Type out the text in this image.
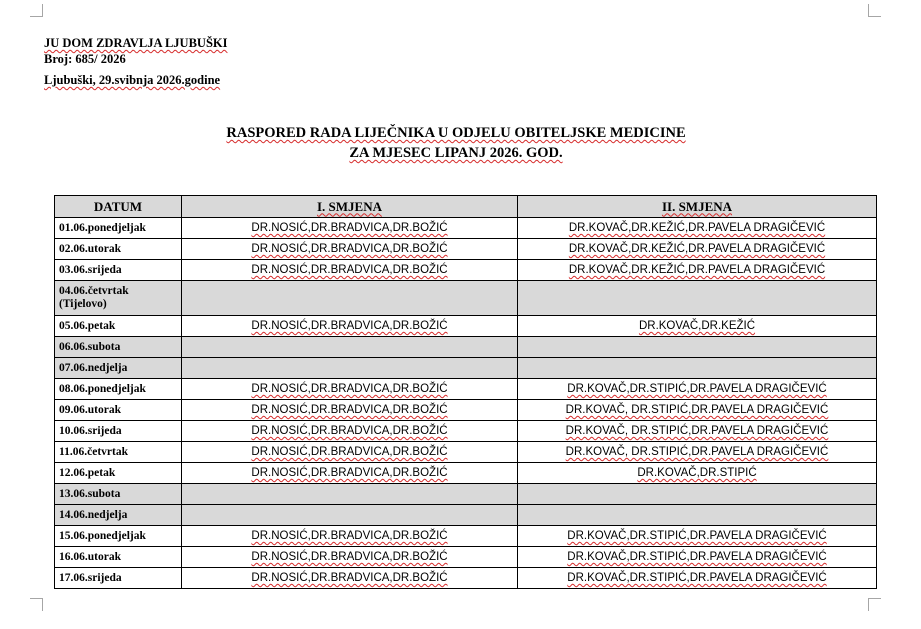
JU DOM ZDRAVLJA LJUBUŠKI
Broj: 685/ 2026
Ljubuški, 29.svibnja 2026.godine
RASPORED RADA LIJEČNIKA U ODJELU OBITELJSKE MEDICINE
ZA MJESEC LIPANJ 2026. GOD.
DATUM	I. SMJENA	II. SMJENA
01.06.ponedjeljak	DR.NOSIĆ,DR.BRADVICA,DR.BOŽIĆ	DR.KOVAČ,DR.KEŽIĆ,DR.PAVELA DRAGIČEVIĆ
02.06.utorak	DR.NOSIĆ,DR.BRADVICA,DR.BOŽIĆ	DR.KOVAČ,DR.KEŽIĆ,DR.PAVELA DRAGIČEVIĆ
03.06.srijeda	DR.NOSIĆ,DR.BRADVICA,DR.BOŽIĆ	DR.KOVAČ,DR.KEŽIĆ,DR.PAVELA DRAGIČEVIĆ
04.06.četvrtak
(Tijelovo)		
05.06.petak	DR.NOSIĆ,DR.BRADVICA,DR.BOŽIĆ	DR.KOVAČ,DR.KEŽIĆ
06.06.subota		
07.06.nedjelja		
08.06.ponedjeljak	DR.NOSIĆ,DR.BRADVICA,DR.BOŽIĆ	DR.KOVAČ,DR.STIPIĆ,DR.PAVELA DRAGIČEVIĆ
09.06.utorak	DR.NOSIĆ,DR.BRADVICA,DR.BOŽIĆ	DR.KOVAČ, DR.STIPIĆ,DR.PAVELA DRAGIČEVIĆ
10.06.srijeda	DR.NOSIĆ,DR.BRADVICA,DR.BOŽIĆ	DR.KOVAČ, DR.STIPIĆ,DR.PAVELA DRAGIČEVIĆ
11.06.četvrtak	DR.NOSIĆ,DR.BRADVICA,DR.BOŽIĆ	DR.KOVAČ, DR.STIPIĆ,DR.PAVELA DRAGIČEVIĆ
12.06.petak	DR.NOSIĆ,DR.BRADVICA,DR.BOŽIĆ	DR.KOVAČ,DR.STIPIĆ
13.06.subota		
14.06.nedjelja		
15.06.ponedjeljak	DR.NOSIĆ,DR.BRADVICA,DR.BOŽIĆ	DR.KOVAČ,DR.STIPIĆ,DR.PAVELA DRAGIČEVIĆ
16.06.utorak	DR.NOSIĆ,DR.BRADVICA,DR.BOŽIĆ	DR.KOVAČ,DR.STIPIĆ,DR.PAVELA DRAGIČEVIĆ
17.06.srijeda	DR.NOSIĆ,DR.BRADVICA,DR.BOŽIĆ	DR.KOVAČ,DR.STIPIĆ,DR.PAVELA DRAGIČEVIĆ
